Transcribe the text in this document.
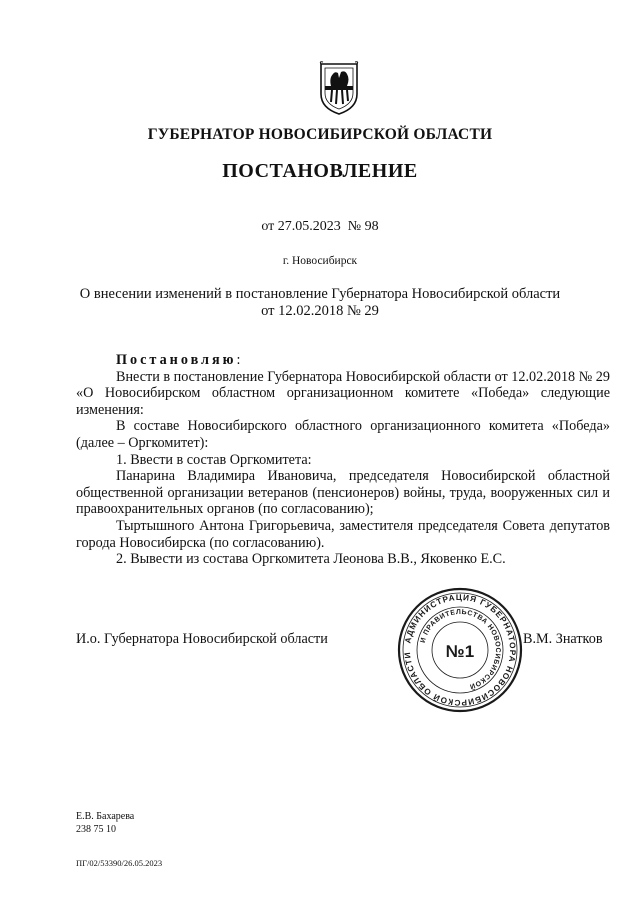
ГУБЕРНАТОР НОВОСИБИРСКОЙ ОБЛАСТИ
ПОСТАНОВЛЕНИЕ
от 27.05.2023  № 98
г. Новосибирск
О внесении изменений в постановление Губернатора Новосибирской области
от 12.02.2018 № 29

Постановляю:

Внести в постановление Губернатора Новосибирской области от 12.02.2018 № 29 «О Новосибирском областном организационном комитете «Победа» следующие изменения:

В составе Новосибирского областного организационного комитета «Победа» (далее – Оргкомитет):

1. Ввести в состав Оргкомитета:

Панарина Владимира Ивановича, председателя Новосибирской областной общественной организации ветеранов (пенсионеров) войны, труда, вооруженных сил и правоохранительных органов (по согласованию);

Тыртышного Антона Григорьевича, заместителя председателя Совета депутатов города Новосибирска (по согласованию).

2. Вывести из состава Оргкомитета Леонова В.В., Яковенко Е.С.

И.о. Губернатора Новосибирской области	В.М. Знатков
АДМИНИСТРАЦИЯ ГУБЕРНАТОРА НОВОСИБИРСКОЙ ОБЛАСТИ
И ПРАВИТЕЛЬСТВА НОВОСИБИРСКОЙ
№1
Е.В. Бахарева
238 75 10
ПГ/02/53390/26.05.2023
